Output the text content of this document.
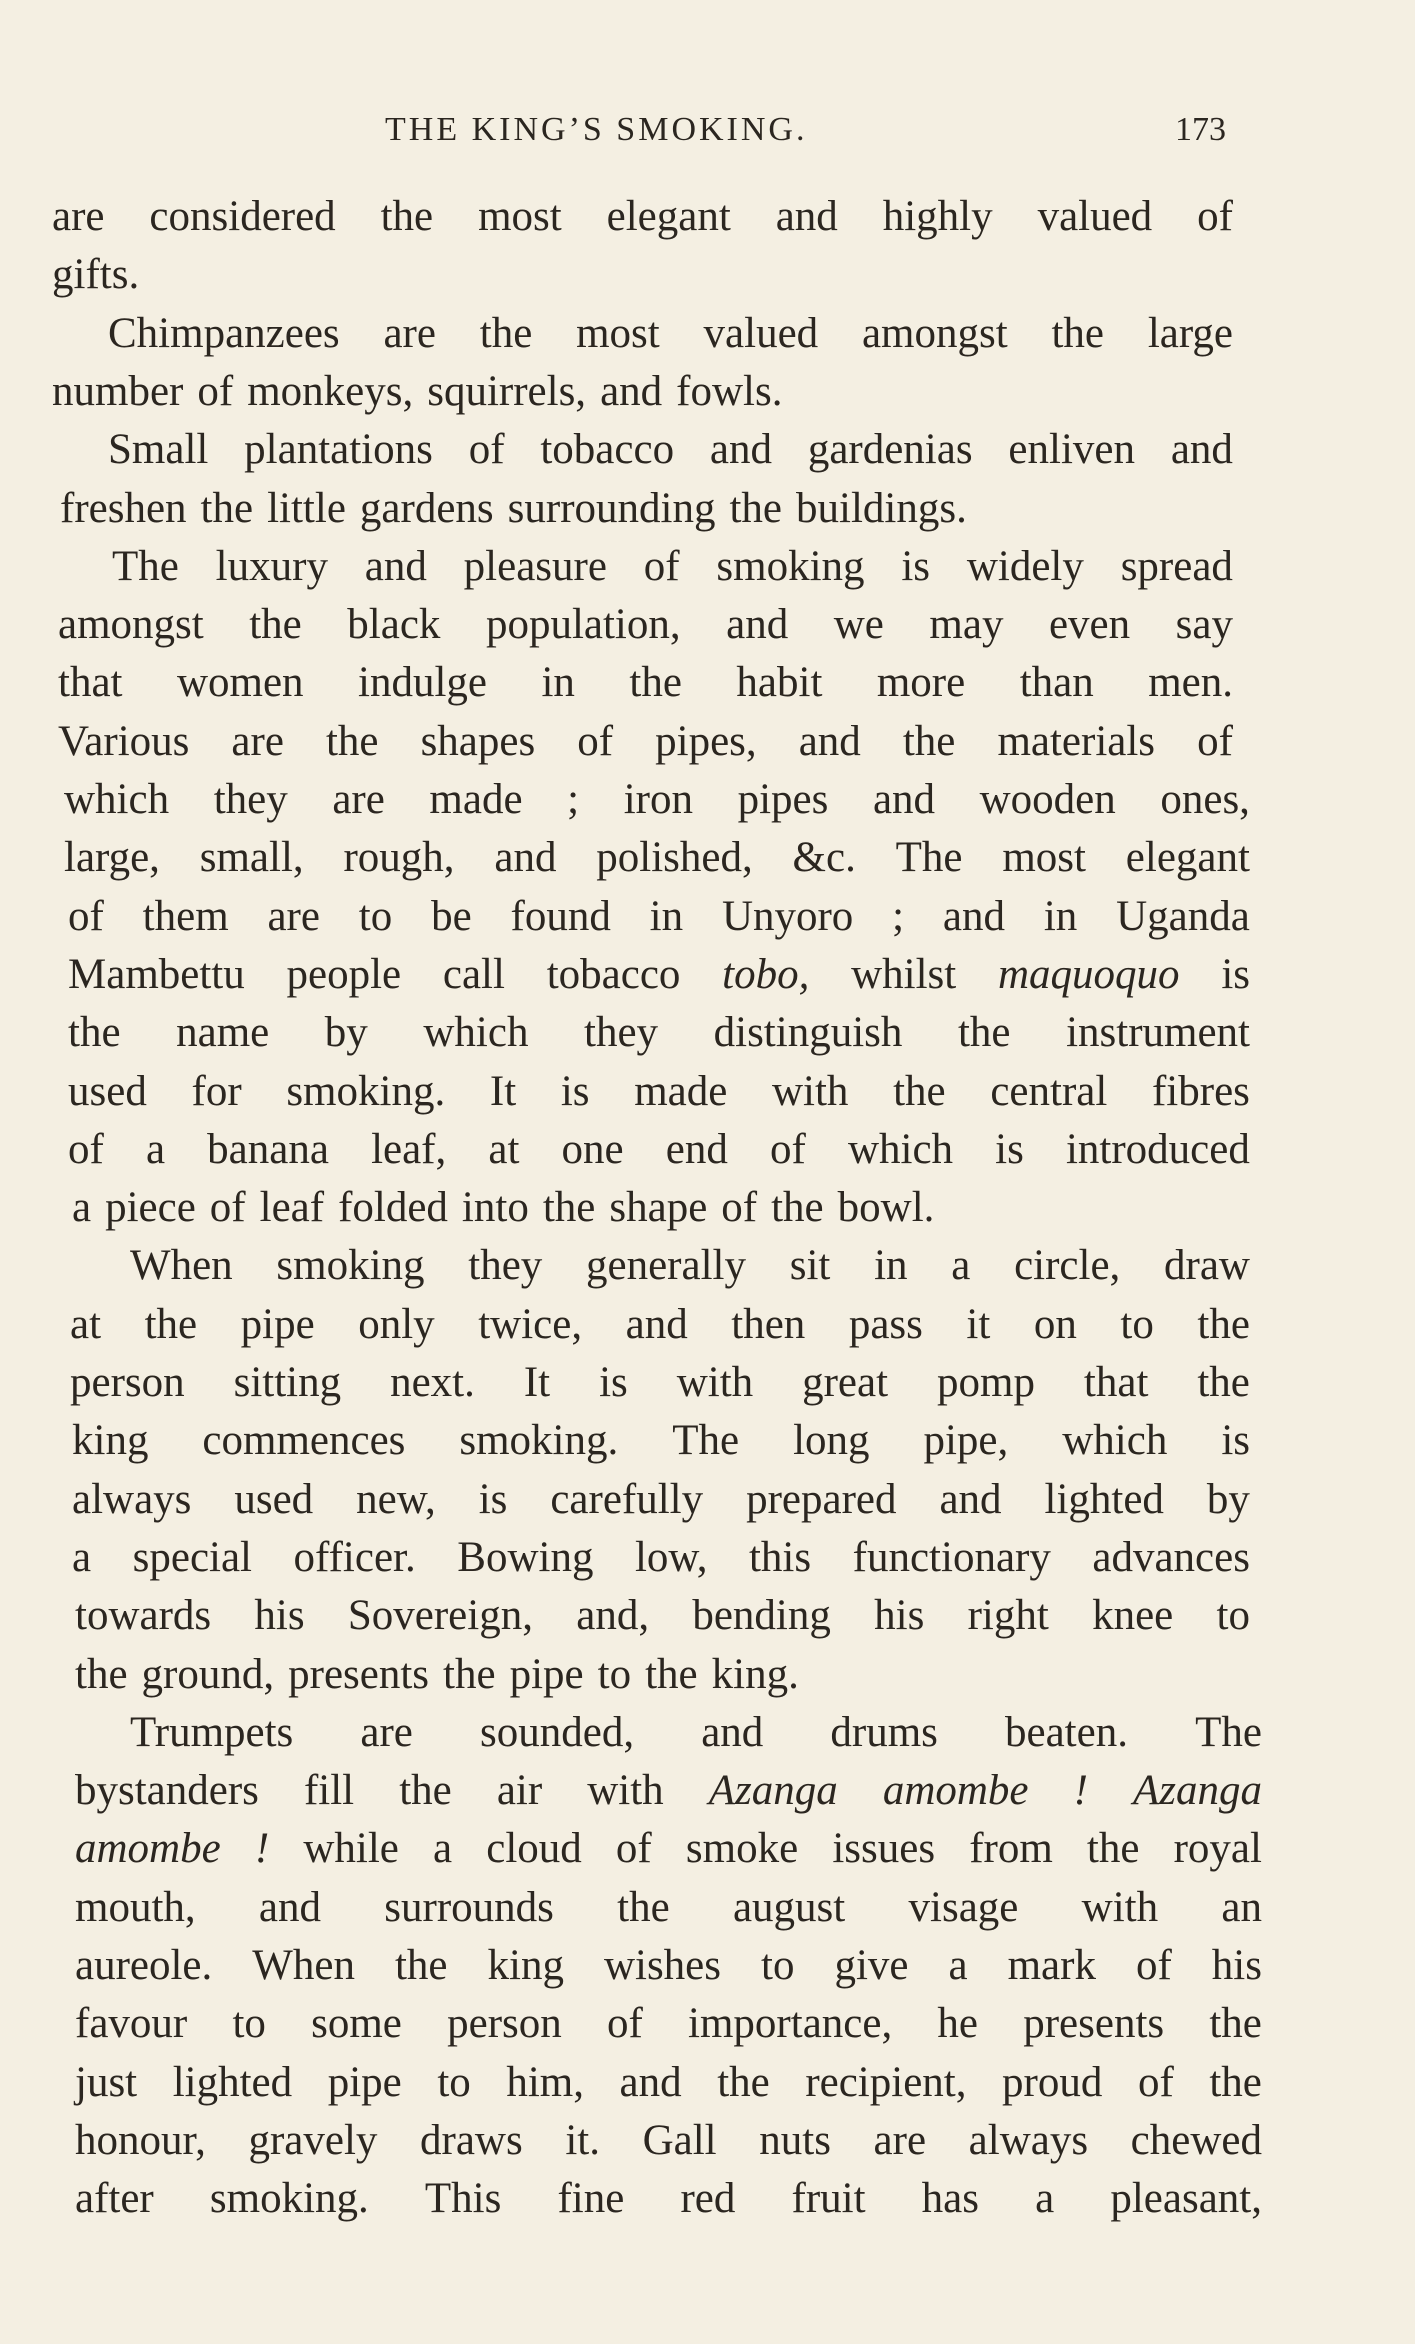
THE KING’S SMOKING.	173
are considered the most elegant and highly valued of
gifts.
Chimpanzees are the most valued amongst the large
number of monkeys, squirrels, and fowls.
Small plantations of tobacco and gardenias enliven and
freshen the little gardens surrounding the buildings.
The luxury and pleasure of smoking is widely spread
amongst the black population, and we may even say
that women indulge in the habit more than men.
Various are the shapes of pipes, and the materials of
which they are made ; iron pipes and wooden ones,
large, small, rough, and polished, &c. The most elegant
of them are to be found in Unyoro ; and in Uganda
Mambettu people call tobacco tobo, whilst maquoquo is
the name by which they distinguish the instrument
used for smoking. It is made with the central fibres
of a banana leaf, at one end of which is introduced
a piece of leaf folded into the shape of the bowl.
When smoking they generally sit in a circle, draw
at the pipe only twice, and then pass it on to the
person sitting next. It is with great pomp that the
king commences smoking. The long pipe, which is
always used new, is carefully prepared and lighted by
a special officer. Bowing low, this functionary advances
towards his Sovereign, and, bending his right knee to
the ground, presents the pipe to the king.
Trumpets are sounded, and drums beaten. The
bystanders fill the air with Azanga amombe ! Azanga
amombe ! while a cloud of smoke issues from the royal
mouth, and surrounds the august visage with an
aureole. When the king wishes to give a mark of his
favour to some person of importance, he presents the
just lighted pipe to him, and the recipient, proud of the
honour, gravely draws it. Gall nuts are always chewed
after smoking. This fine red fruit has a pleasant,
